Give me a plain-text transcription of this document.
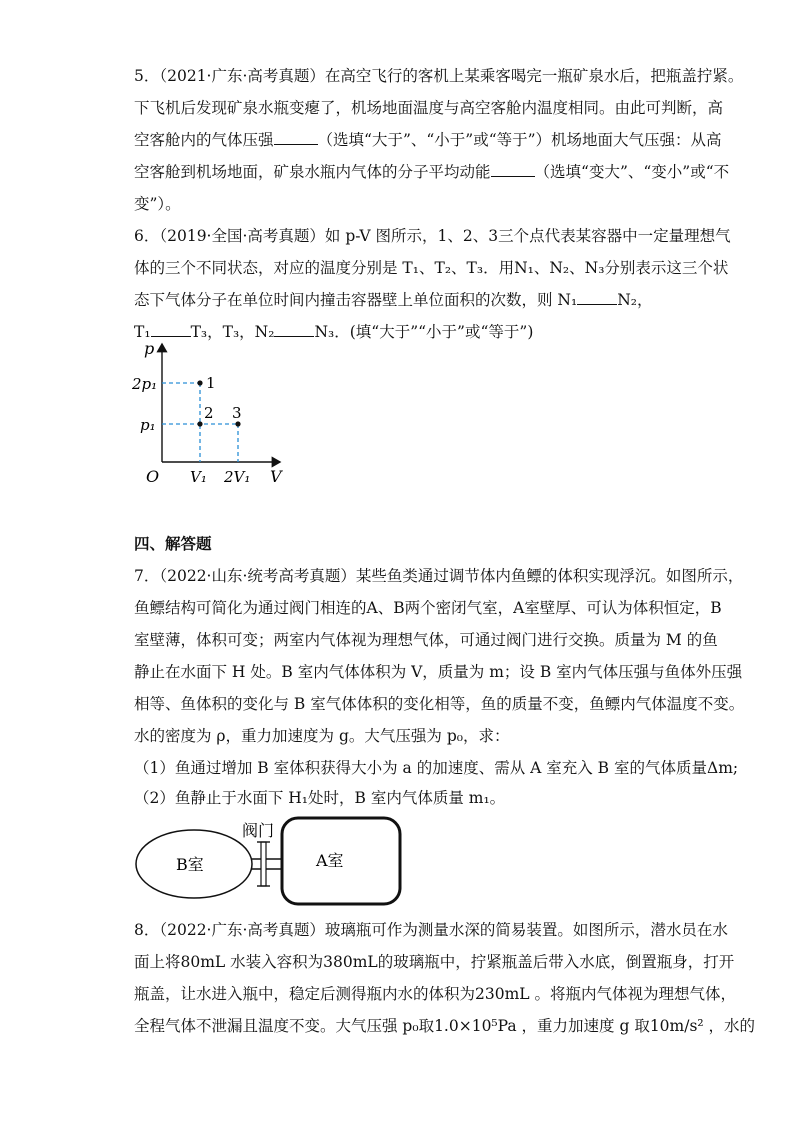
5．（2021·广东·高考真题）在高空飞行的客机上某乘客喝完一瓶矿泉水后，把瓶盖拧紧。
下飞机后发现矿泉水瓶变瘪了，机场地面温度与高空客舱内温度相同。由此可判断，高
空客舱内的气体压强	（选填“大于”、“小于”或“等于”）机场地面大气压强：从高
空客舱到机场地面，矿泉水瓶内气体的分子平均动能	（选填“变大”、“变小”或“不
变”）。
6．（2019·全国·高考真题）如 p-V 图所示，1、2、3三个点代表某容器中一定量理想气
体的三个不同状态，对应的温度分别是 T₁、T₂、T₃．用N₁、N₂、N₃分别表示这三个状
态下气体分子在单位时间内撞击容器壁上单位面积的次数，则 N₁	N₂，
T₁	T₃，T₃，N₂	N₃．(填“大于”“小于”或“等于”)
p
V
O
2p₁
p₁
V₁ 2V₁
1
2 3
四、解答题
7．（2022·山东·统考高考真题）某些鱼类通过调节体内鱼鳔的体积实现浮沉。如图所示，
鱼鳔结构可简化为通过阀门相连的A、B两个密闭气室，A室壁厚、可认为体积恒定，B
室壁薄，体积可变；两室内气体视为理想气体，可通过阀门进行交换。质量为 M 的鱼
静止在水面下 H 处。B 室内气体体积为 V，质量为 m；设 B 室内气体压强与鱼体外压强
相等、鱼体积的变化与 B 室气体体积的变化相等，鱼的质量不变，鱼鳔内气体温度不变。
水的密度为 ρ，重力加速度为 g。大气压强为 p₀，求：
（1）鱼通过增加 B 室体积获得大小为 a 的加速度、需从 A 室充入 B 室的气体质量Δm;
（2）鱼静止于水面下 H₁处时，B 室内气体质量 m₁。
B室	A室
阀门
8．（2022·广东·高考真题）玻璃瓶可作为测量水深的简易装置。如图所示，潜水员在水
面上将80mL 水装入容积为380mL的玻璃瓶中，拧紧瓶盖后带入水底，倒置瓶身，打开
瓶盖，让水进入瓶中，稳定后测得瓶内水的体积为230mL 。将瓶内气体视为理想气体，
全程气体不泄漏且温度不变。大气压强 p₀取1.0×10⁵Pa ，重力加速度 g 取10m/s² ，水的
